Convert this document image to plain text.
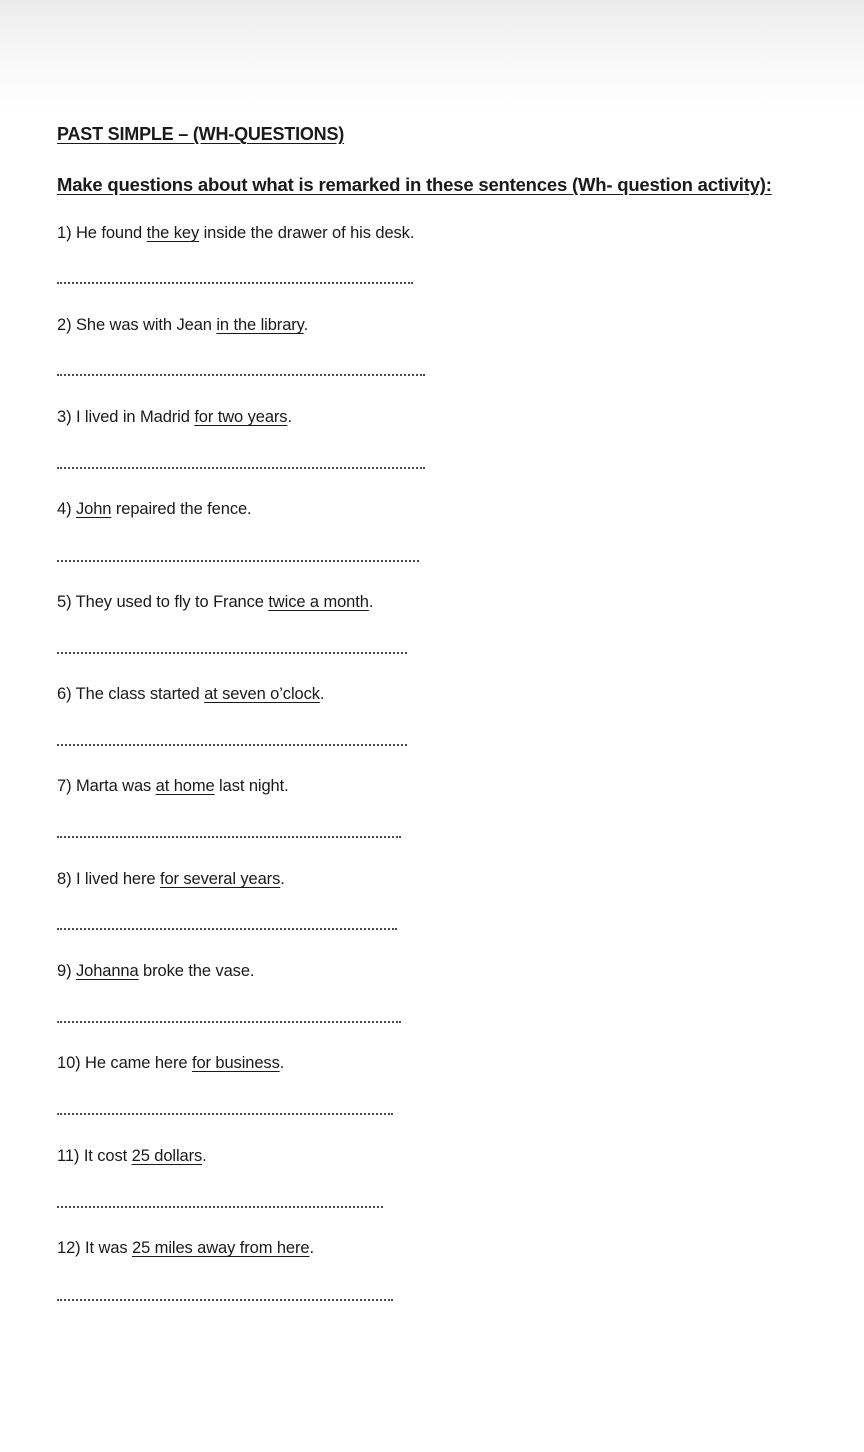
PAST SIMPLE – (WH-QUESTIONS)
Make questions about what is remarked in these sentences (Wh- question activity):
1) He found the key inside the drawer of his desk.
2) She was with Jean in the library.
3) I lived in Madrid for two years.
4) John repaired the fence.
5) They used to fly to France twice a month.
6) The class started at seven o’clock.
7) Marta was at home last night.
8) I lived here for several years.
9) Johanna broke the vase.
10) He came here for business.
11) It cost 25 dollars.
12) It was 25 miles away from here.
